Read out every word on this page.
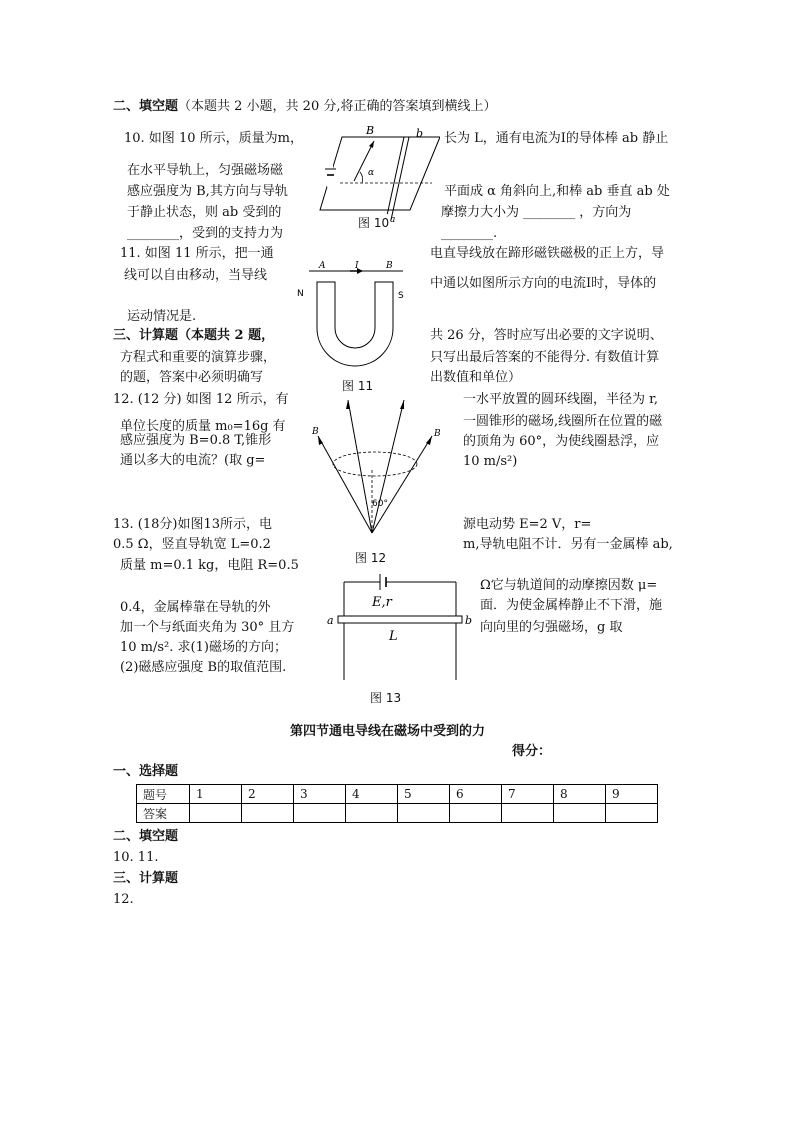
二、填空题（本题共 2 小题，共 20 分,将正确的答案填到横线上）
10. 如图 10 所示，质量为m，	长为 L，通有电流为I的导体棒 ab 静止
在水平导轨上，匀强磁场磁
感应强度为 B,其方向与导轨	平面成 α 角斜向上,和棒 ab 垂直 ab 处
于静止状态，则 ab 受到的	摩擦力大小为 ________ ，方向为
________，受到的支持力为	________.
11. 如图 11 所示，把一通	电直导线放在蹄形磁铁磁极的正上方，导
线可以自由移动，当导线
中通以如图所示方向的电流I时，导体的
运动情况是.
三、计算题（本题共 2 题，	共 26 分，答时应写出必要的文字说明、
方程式和重要的演算步骤，	只写出最后答案的不能得分. 有数值计算
的题，答案中必须明确写	出数值和单位）
12. (12 分) 如图 12 所示，有	一水平放置的圆环线圈，半径为 r,
单位长度的质量 m₀=16g 有	一圆锥形的磁场,线圈所在位置的磁
感应强度为 B=0.8 T,锥形	的顶角为 60°，为使线圈悬浮，应
通以多大的电流？(取 g=	10 m/s²)
13. (18分)如图13所示，电	源电动势 E=2 V，r=
0.5 Ω，竖直导轨宽 L=0.2	m,导轨电阻不计．另有一金属棒 ab,
质量 m=0.1 kg，电阻 R=0.5
Ω它与轨道间的动摩擦因数 μ=
0.4，金属棒靠在导轨的外	面．为使金属棒静止不下滑，施
加一个与纸面夹角为 30° 且方	向向里的匀强磁场，g 取
10 m/s². 求(1)磁场的方向；
(2)磁感应强度 B的取值范围.
B	b
α
a
图 10
A	I	B
N	S
图 11
B	B
60°
图 12
E,r
L
a	b
图 13
第四节通电导线在磁场中受到的力
得分：
一、选择题
题号	1	2	3	4	5	6	7	8	9
答案									
二、填空题
10. 11.
三、计算题
12.
